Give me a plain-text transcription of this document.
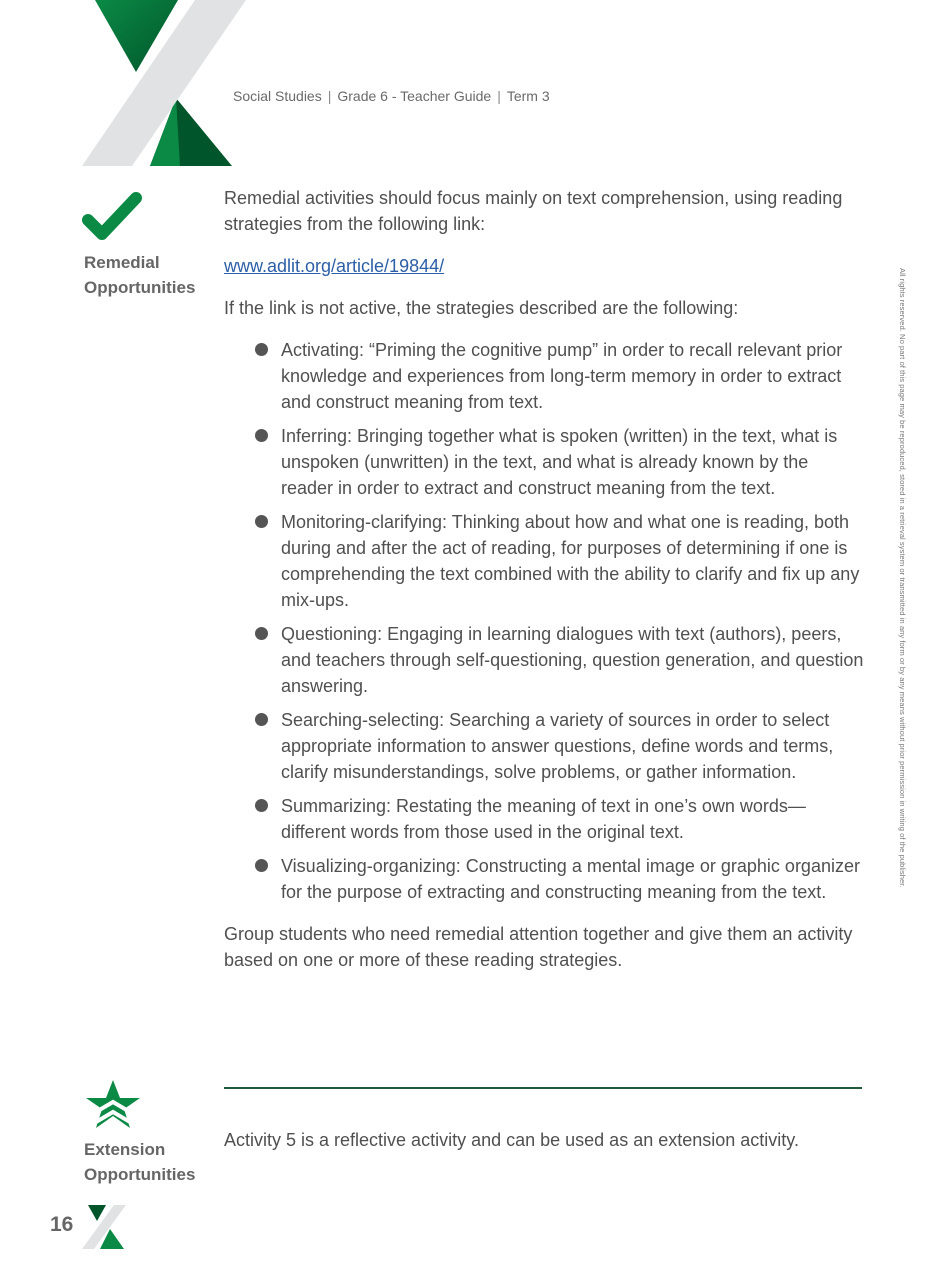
Social Studies | Grade 6 - Teacher Guide | Term 3
Remedial
Opportunities

Remedial activities should focus mainly on text comprehension, using reading strategies from the following link:

www.adlit.org/article/19844/

If the link is not active, the strategies described are the following:

Activating: “Priming the cognitive pump” in order to recall relevant prior knowledge and experiences from long-term memory in order to extract and construct meaning from text.
Inferring: Bringing together what is spoken (written) in the text, what is unspoken (unwritten) in the text, and what is already known by the reader in order to extract and construct meaning from the text.
Monitoring-clarifying: Thinking about how and what one is reading, both during and after the act of reading, for purposes of determining if one is comprehending the text combined with the ability to clarify and fix up any mix-ups.
Questioning: Engaging in learning dialogues with text (authors), peers, and teachers through self-questioning, question generation, and question answering.
Searching-selecting: Searching a variety of sources in order to select appropriate information to answer questions, define words and terms, clarify misunderstandings, solve problems, or gather information.
Summarizing: Restating the meaning of text in one’s own words—different words from those used in the original text.
Visualizing-organizing: Constructing a mental image or graphic organizer for the purpose of extracting and constructing meaning from the text.

Group students who need remedial attention together and give them an activity based on one or more of these reading strategies.

Extension
Opportunities
Activity 5 is a reflective activity and can be used as an extension activity.
16
All rights reserved. No part of this page may be reproduced, stored in a retrieval system or transmitted in any form or by any means without prior permission in writing of the publisher.
